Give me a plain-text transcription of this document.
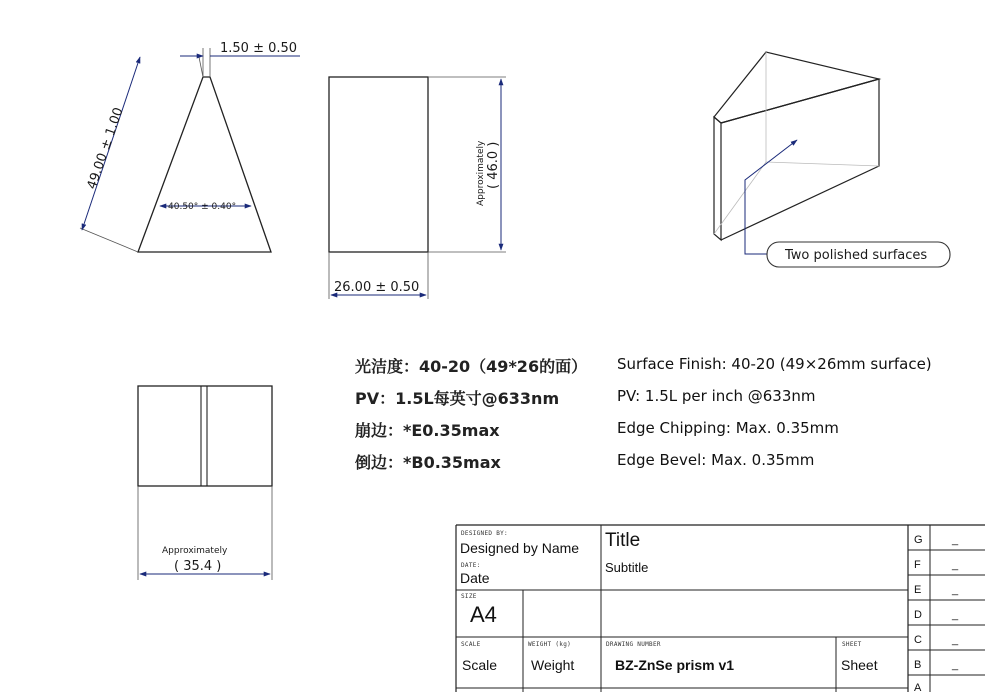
49.00 ± 1.00
1.50 ± 0.50
40.50° ± 0.40°
Approximately ( 46.0 )
26.00 ± 0.50
Two polished surfaces
Approximately
( 35.4 )
DESIGNED BY:
Designed by Name
DATE:
Date
Title
Subtitle
SIZE
A4
SCALE
Scale
WEIGHT (kg)
Weight
DRAWING NUMBER
BZ-ZnSe prism v1
SHEET
Sheet
G	_
F	_
E	_
D	_
C	_
B	_
A
光洁度：40-20（49*26的面） Surface Finish: 40-20 (49×26mm surface)
PV：1.5L每英寸@633nm	PV: 1.5L per inch @633nm
崩边：*E0.35max	Edge Chipping: Max. 0.35mm
倒边：*B0.35max	Edge Bevel: Max. 0.35mm
